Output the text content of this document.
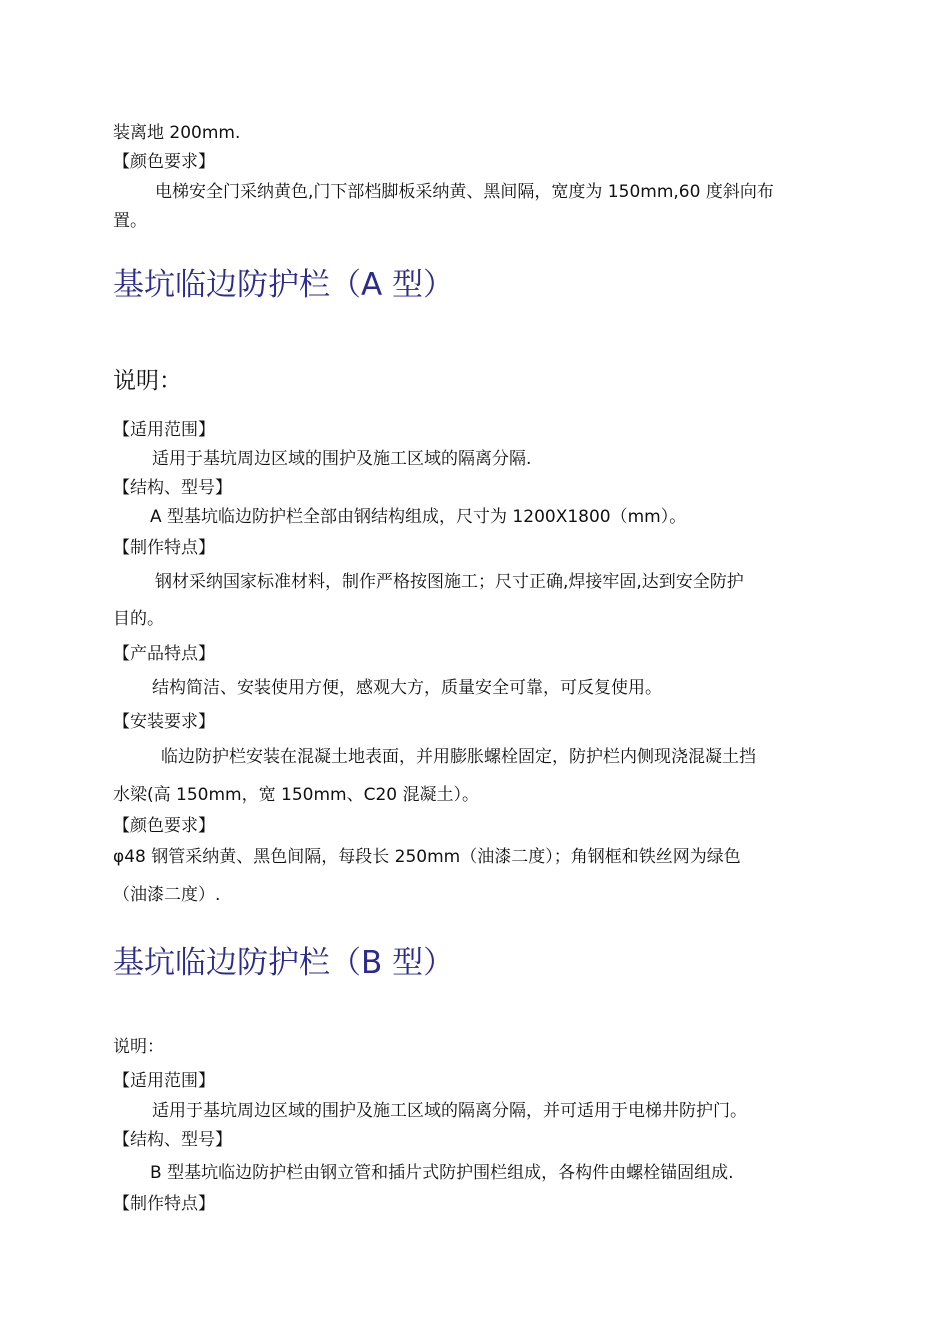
装离地 200mm.
【颜色要求】
电梯安全门采纳黄色,门下部档脚板采纳黄、黑间隔，宽度为 150mm,60 度斜向布
置。
基坑临边防护栏（A 型）
说明：
【适用范围】
适用于基坑周边区域的围护及施工区域的隔离分隔.
【结构、型号】
A 型基坑临边防护栏全部由钢结构组成，尺寸为 1200X1800（mm）。
【制作特点】
钢材采纳国家标准材料，制作严格按图施工；尺寸正确,焊接牢固,达到安全防护
目的。
【产品特点】
结构简洁、安装使用方便，感观大方，质量安全可靠，可反复使用。
【安装要求】
临边防护栏安装在混凝土地表面，并用膨胀螺栓固定，防护栏内侧现浇混凝土挡
水梁(高 150mm，宽 150mm、C20 混凝土）。
【颜色要求】
φ48 钢管采纳黄、黑色间隔，每段长 250mm（油漆二度）；角钢框和铁丝网为绿色
（油漆二度）.
基坑临边防护栏（B 型）
说明：
【适用范围】
适用于基坑周边区域的围护及施工区域的隔离分隔，并可适用于电梯井防护门。
【结构、型号】
B 型基坑临边防护栏由钢立管和插片式防护围栏组成，各构件由螺栓锚固组成.
【制作特点】
